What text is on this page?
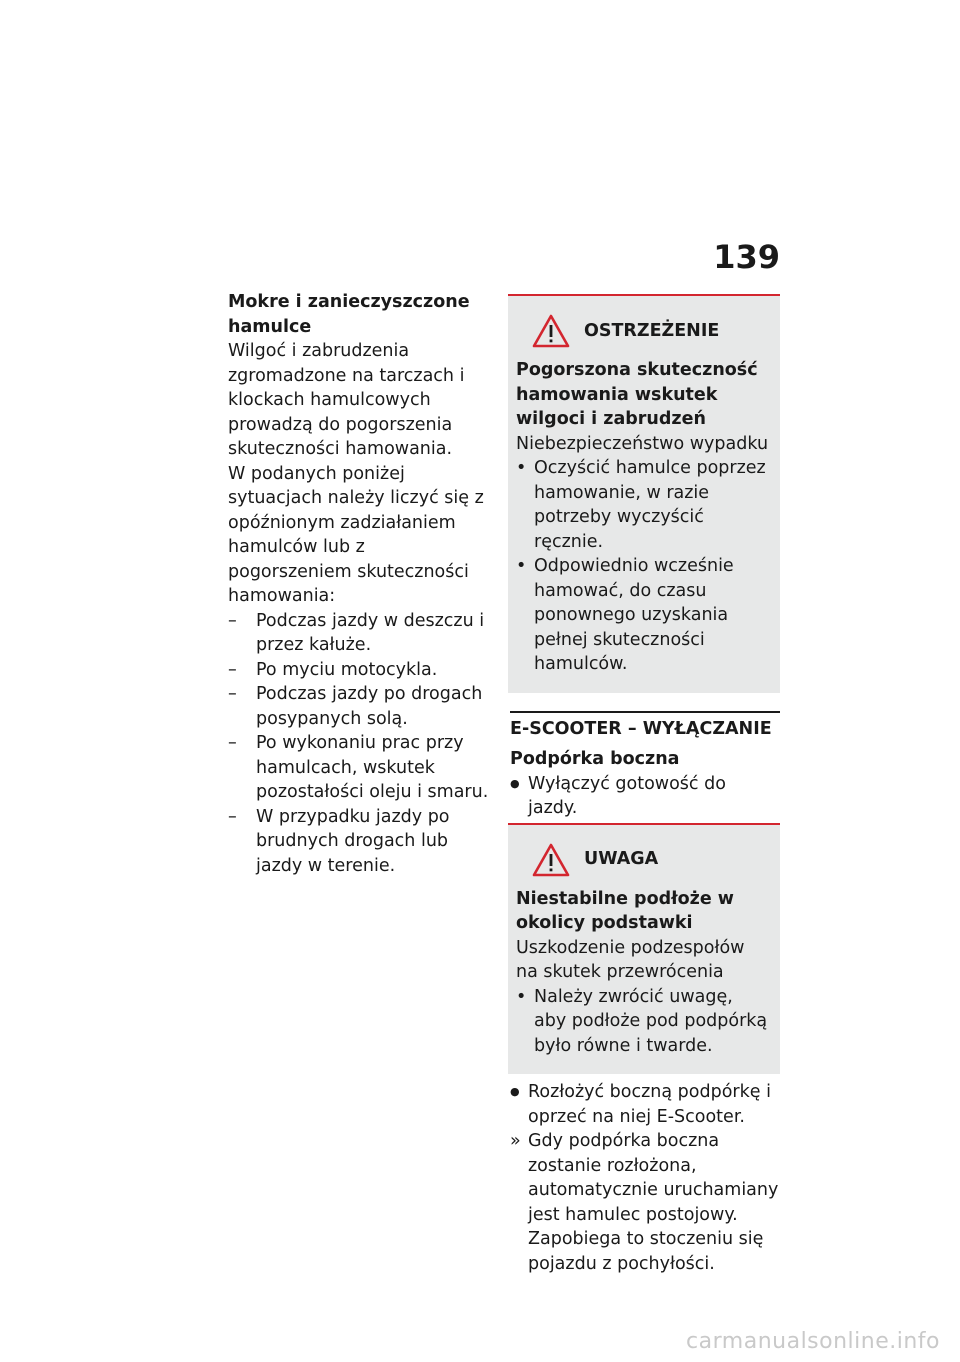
139

Mokre i zanieczyszczone hamulce

Wilgoć i zabrudzenia zgromadzone na tarczach i klockach hamulcowych prowadzą do pogorszenia skuteczności hamowania.

W podanych poniżej sytuacjach należy liczyć się z opóźnionym zadziałaniem hamulców lub z pogorszeniem skuteczności hamowania:

– Podczas jazdy w deszczu i przez kałuże.
– Po myciu motocykla.
– Podczas jazdy po drogach posypanych solą.
– Po wykonaniu prac przy hamulcach, wskutek pozostałości oleju i smaru.
– W przypadku jazdy po brudnych drogach lub jazdy w terenie.
OSTRZEŻENIE

Pogorszona skuteczność hamowania wskutek wilgoci i zabrudzeń

Niebezpieczeństwo wypadku

• Oczyścić hamulce poprzez hamowanie, w razie potrzeby wyczyścić ręcznie.
• Odpowiednio wcześnie hamować, do czasu ponownego uzyskania pełnej skuteczności hamulców.
E-SCOOTER – WYŁĄCZANIE

Podpórka boczna

● Wyłączyć gotowość do jazdy.
UWAGA

Niestabilne podłoże w okolicy podstawki

Uszkodzenie podzespołów na skutek przewrócenia

• Należy zwrócić uwagę, aby podłoże pod podpórką było równe i twarde.
● Rozłożyć boczną podpórkę i oprzeć na niej E-Scooter.
» Gdy podpórka boczna zostanie rozłożona, automatycznie uruchamiany jest hamulec postojowy. Zapobiega to stoczeniu się pojazdu z pochyłości.
carmanualsonline.info
